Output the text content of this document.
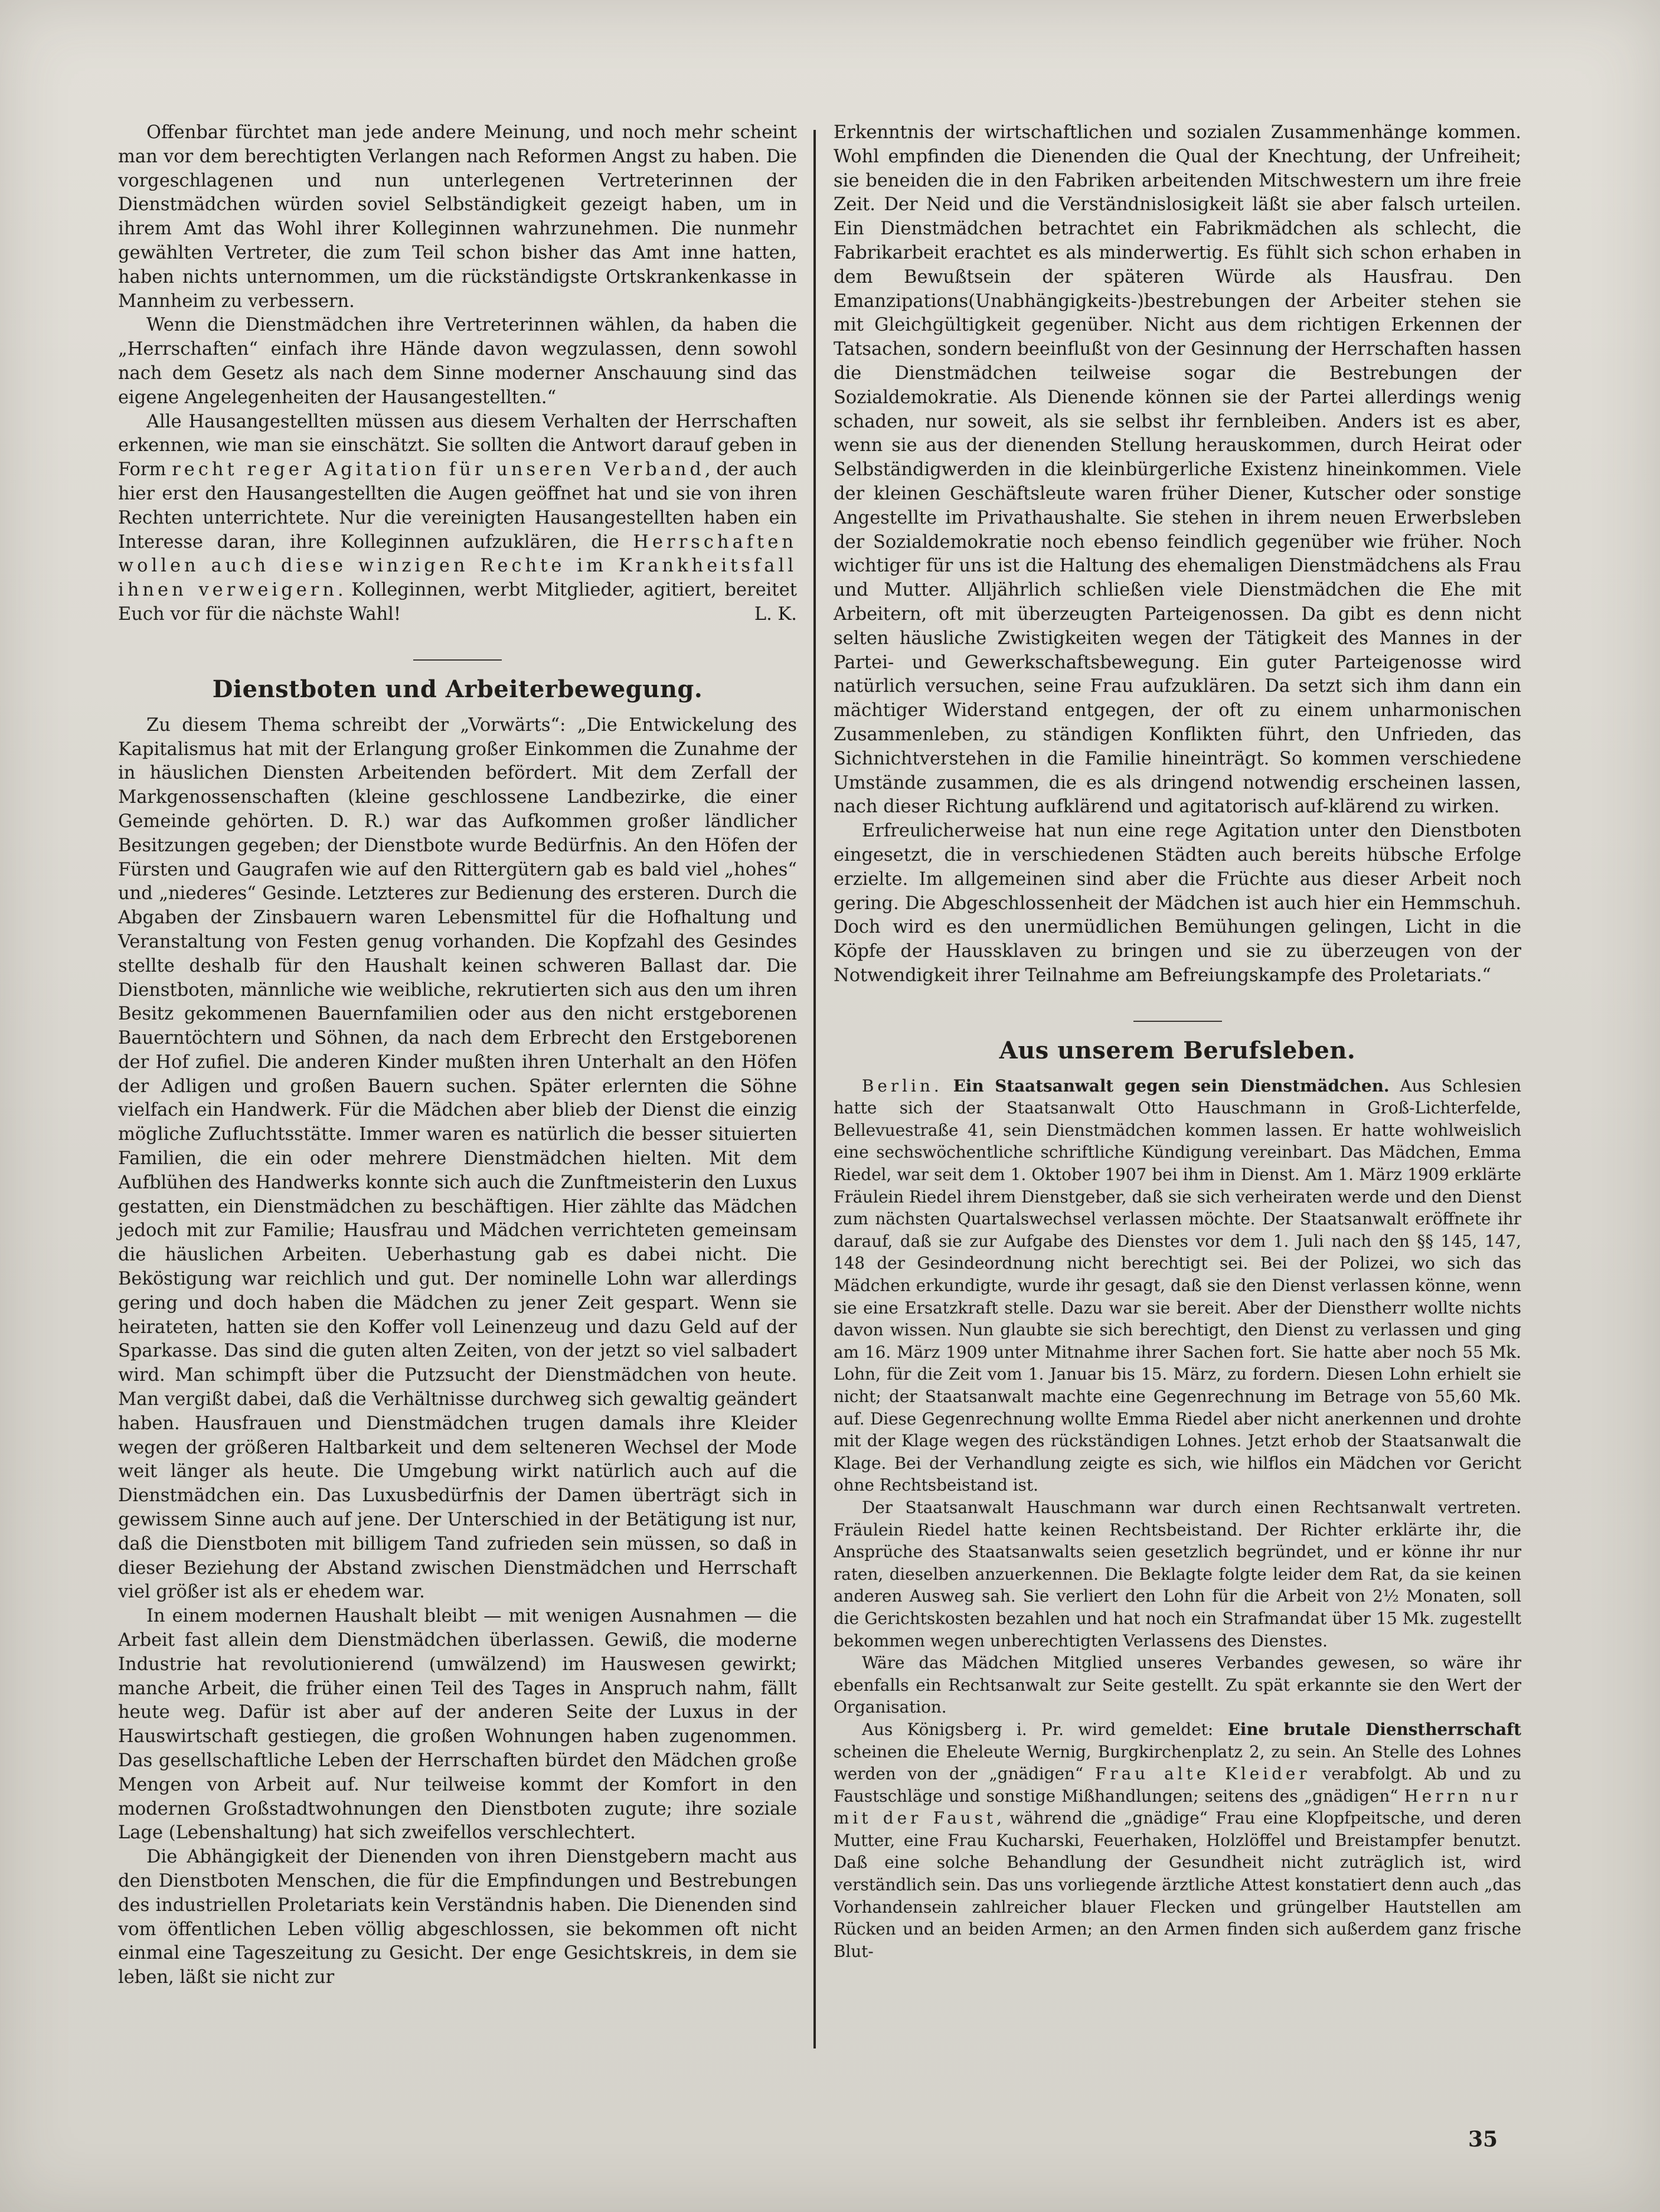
Offenbar fürchtet man jede andere Meinung, und noch mehr scheint man vor dem berechtigten Verlangen nach Reformen Angst zu haben. Die vorgeschlagenen und nun unterlegenen Vertreterinnen der Dienstmädchen würden soviel Selbständigkeit gezeigt haben, um in ihrem Amt das Wohl ihrer Kolleginnen wahrzunehmen. Die nunmehr gewählten Vertreter, die zum Teil schon bisher das Amt inne hatten, haben nichts unternommen, um die rückständigste Ortskrankenkasse in Mannheim zu verbessern.

Wenn die Dienstmädchen ihre Vertreterinnen wählen, da haben die „Herrschaften“ einfach ihre Hände davon wegzulassen, denn sowohl nach dem Gesetz als nach dem Sinne moderner Anschauung sind das eigene Angelegenheiten der Hausangestellten.“

Alle Hausangestellten müssen aus diesem Verhalten der Herrschaften erkennen, wie man sie einschätzt. Sie sollten die Antwort darauf geben in Form recht reger Agitation für unseren Verband, der auch hier erst den Hausangestellten die Augen geöffnet hat und sie von ihren Rechten unterrichtete. Nur die vereinigten Hausangestellten haben ein Interesse daran, ihre Kolleginnen aufzuklären, die Herrschaften wollen auch diese winzigen Rechte im Krankheitsfall ihnen verweigern. Kolleginnen, werbt Mitglieder, agitiert, bereitet Euch vor für die nächste Wahl!	L. K.

Dienstboten und Arbeiterbewegung.

Zu diesem Thema schreibt der „Vorwärts“: „Die Entwickelung des Kapitalismus hat mit der Erlangung großer Einkommen die Zunahme der in häuslichen Diensten Arbeitenden befördert. Mit dem Zerfall der Markgenossenschaften (kleine geschlossene Landbezirke, die einer Gemeinde gehörten. D. R.) war das Aufkommen großer ländlicher Besitzungen gegeben; der Dienstbote wurde Bedürfnis. An den Höfen der Fürsten und Gaugrafen wie auf den Rittergütern gab es bald viel „hohes“ und „niederes“ Gesinde. Letzteres zur Bedienung des ersteren. Durch die Abgaben der Zinsbauern waren Lebensmittel für die Hofhaltung und Veranstaltung von Festen genug vorhanden. Die Kopfzahl des Gesindes stellte deshalb für den Haushalt keinen schweren Ballast dar. Die Dienstboten, männliche wie weibliche, rekrutierten sich aus den um ihren Besitz gekommenen Bauernfamilien oder aus den nicht erstgeborenen Bauerntöchtern und Söhnen, da nach dem Erbrecht den Erstgeborenen der Hof zufiel. Die anderen Kinder mußten ihren Unterhalt an den Höfen der Adligen und großen Bauern suchen. Später erlernten die Söhne vielfach ein Handwerk. Für die Mädchen aber blieb der Dienst die einzig mögliche Zufluchtsstätte. Immer waren es natürlich die besser situierten Familien, die ein oder mehrere Dienstmädchen hielten. Mit dem Aufblühen des Handwerks konnte sich auch die Zunftmeisterin den Luxus gestatten, ein Dienstmädchen zu beschäftigen. Hier zählte das Mädchen jedoch mit zur Familie; Hausfrau und Mädchen verrichteten gemeinsam die häuslichen Arbeiten. Ueberhastung gab es dabei nicht. Die Beköstigung war reichlich und gut. Der nominelle Lohn war allerdings gering und doch haben die Mädchen zu jener Zeit gespart. Wenn sie heirateten, hatten sie den Koffer voll Leinenzeug und dazu Geld auf der Sparkasse. Das sind die guten alten Zeiten, von der jetzt so viel salbadert wird. Man schimpft über die Putzsucht der Dienstmädchen von heute. Man vergißt dabei, daß die Verhältnisse durchweg sich gewaltig geändert haben. Hausfrauen und Dienstmädchen trugen damals ihre Kleider wegen der größeren Haltbarkeit und dem selteneren Wechsel der Mode weit länger als heute. Die Umgebung wirkt natürlich auch auf die Dienstmädchen ein. Das Luxusbedürfnis der Damen überträgt sich in gewissem Sinne auch auf jene. Der Unterschied in der Betätigung ist nur, daß die Dienstboten mit billigem Tand zufrieden sein müssen, so daß in dieser Beziehung der Abstand zwischen Dienstmädchen und Herrschaft viel größer ist als er ehedem war.

In einem modernen Haushalt bleibt — mit wenigen Ausnahmen — die Arbeit fast allein dem Dienstmädchen überlassen. Gewiß, die moderne Industrie hat revolutionierend (umwälzend) im Hauswesen gewirkt; manche Arbeit, die früher einen Teil des Tages in Anspruch nahm, fällt heute weg. Dafür ist aber auf der anderen Seite der Luxus in der Hauswirtschaft gestiegen, die großen Wohnungen haben zugenommen. Das gesellschaftliche Leben der Herrschaften bürdet den Mädchen große Mengen von Arbeit auf. Nur teilweise kommt der Komfort in den modernen Großstadtwohnungen den Dienstboten zugute; ihre soziale Lage (Lebenshaltung) hat sich zweifellos verschlechtert.

Die Abhängigkeit der Dienenden von ihren Dienstgebern macht aus den Dienstboten Menschen, die für die Empfindungen und Bestrebungen des industriellen Proletariats kein Verständnis haben. Die Dienenden sind vom öffentlichen Leben völlig abgeschlossen, sie bekommen oft nicht einmal eine Tageszeitung zu Gesicht. Der enge Gesichtskreis, in dem sie leben, läßt sie nicht zur

Erkenntnis der wirtschaftlichen und sozialen Zusammenhänge kommen. Wohl empfinden die Dienenden die Qual der Knechtung, der Unfreiheit; sie beneiden die in den Fabriken arbeitenden Mitschwestern um ihre freie Zeit. Der Neid und die Verständnislosigkeit läßt sie aber falsch urteilen. Ein Dienstmädchen betrachtet ein Fabrikmädchen als schlecht, die Fabrikarbeit erachtet es als minderwertig. Es fühlt sich schon erhaben in dem Bewußtsein der späteren Würde als Hausfrau. Den Emanzipations(Unabhängigkeits-)bestrebungen der Arbeiter stehen sie mit Gleichgültigkeit gegenüber. Nicht aus dem richtigen Erkennen der Tatsachen, sondern beeinflußt von der Gesinnung der Herrschaften hassen die Dienstmädchen teilweise sogar die Bestrebungen der Sozialdemokratie. Als Dienende können sie der Partei allerdings wenig schaden, nur soweit, als sie selbst ihr fernbleiben. Anders ist es aber, wenn sie aus der dienenden Stellung herauskommen, durch Heirat oder Selbständigwerden in die kleinbürgerliche Existenz hineinkommen. Viele der kleinen Geschäftsleute waren früher Diener, Kutscher oder sonstige Angestellte im Privathaushalte. Sie stehen in ihrem neuen Erwerbsleben der Sozialdemokratie noch ebenso feindlich gegenüber wie früher. Noch wichtiger für uns ist die Haltung des ehemaligen Dienstmädchens als Frau und Mutter. Alljährlich schließen viele Dienstmädchen die Ehe mit Arbeitern, oft mit überzeugten Parteigenossen. Da gibt es denn nicht selten häusliche Zwistigkeiten wegen der Tätigkeit des Mannes in der Partei- und Gewerkschaftsbewegung. Ein guter Parteigenosse wird natürlich versuchen, seine Frau aufzuklären. Da setzt sich ihm dann ein mächtiger Widerstand entgegen, der oft zu einem unharmonischen Zusammenleben, zu ständigen Konflikten führt, den Unfrieden, das Sichnichtverstehen in die Familie hineinträgt. So kommen verschiedene Umstände zusammen, die es als dringend notwendig erscheinen lassen, nach dieser Richtung aufklärend und agitatorisch auf-klärend zu wirken.

Erfreulicherweise hat nun eine rege Agitation unter den Dienstboten eingesetzt, die in verschiedenen Städten auch bereits hübsche Erfolge erzielte. Im allgemeinen sind aber die Früchte aus dieser Arbeit noch gering. Die Abgeschlossenheit der Mädchen ist auch hier ein Hemmschuh. Doch wird es den unermüdlichen Bemühungen gelingen, Licht in die Köpfe der Haussklaven zu bringen und sie zu überzeugen von der Notwendigkeit ihrer Teilnahme am Befreiungskampfe des Proletariats.“

Aus unserem Berufsleben.

Berlin. Ein Staatsanwalt gegen sein Dienstmädchen. Aus Schlesien hatte sich der Staatsanwalt Otto Hauschmann in Groß-Lichterfelde, Bellevuestraße 41, sein Dienstmädchen kommen lassen. Er hatte wohlweislich eine sechswöchentliche schriftliche Kündigung vereinbart. Das Mädchen, Emma Riedel, war seit dem 1. Oktober 1907 bei ihm in Dienst. Am 1. März 1909 erklärte Fräulein Riedel ihrem Dienstgeber, daß sie sich verheiraten werde und den Dienst zum nächsten Quartalswechsel verlassen möchte. Der Staatsanwalt eröffnete ihr darauf, daß sie zur Aufgabe des Dienstes vor dem 1. Juli nach den §§ 145, 147, 148 der Gesindeordnung nicht berechtigt sei. Bei der Polizei, wo sich das Mädchen erkundigte, wurde ihr gesagt, daß sie den Dienst verlassen könne, wenn sie eine Ersatzkraft stelle. Dazu war sie bereit. Aber der Dienstherr wollte nichts davon wissen. Nun glaubte sie sich berechtigt, den Dienst zu verlassen und ging am 16. März 1909 unter Mitnahme ihrer Sachen fort. Sie hatte aber noch 55 Mk. Lohn, für die Zeit vom 1. Januar bis 15. März, zu fordern. Diesen Lohn erhielt sie nicht; der Staatsanwalt machte eine Gegenrechnung im Betrage von 55,60 Mk. auf. Diese Gegenrechnung wollte Emma Riedel aber nicht anerkennen und drohte mit der Klage wegen des rückständigen Lohnes. Jetzt erhob der Staatsanwalt die Klage. Bei der Verhandlung zeigte es sich, wie hilflos ein Mädchen vor Gericht ohne Rechtsbeistand ist.

Der Staatsanwalt Hauschmann war durch einen Rechtsanwalt vertreten. Fräulein Riedel hatte keinen Rechtsbeistand. Der Richter erklärte ihr, die Ansprüche des Staatsanwalts seien gesetzlich begründet, und er könne ihr nur raten, dieselben anzuerkennen. Die Beklagte folgte leider dem Rat, da sie keinen anderen Ausweg sah. Sie verliert den Lohn für die Arbeit von 2½ Monaten, soll die Gerichtskosten bezahlen und hat noch ein Strafmandat über 15 Mk. zugestellt bekommen wegen unberechtigten Verlassens des Dienstes.

Wäre das Mädchen Mitglied unseres Verbandes gewesen, so wäre ihr ebenfalls ein Rechtsanwalt zur Seite gestellt. Zu spät erkannte sie den Wert der Organisation.

Aus Königsberg i. Pr. wird gemeldet: Eine brutale Dienstherrschaft scheinen die Eheleute Wernig, Burgkirchenplatz 2, zu sein. An Stelle des Lohnes werden von der „gnädigen“ Frau alte Kleider verabfolgt. Ab und zu Faustschläge und sonstige Mißhandlungen; seitens des „gnädigen“ Herrn nur mit der Faust, während die „gnädige“ Frau eine Klopfpeitsche, und deren Mutter, eine Frau Kucharski, Feuerhaken, Holzlöffel und Breistampfer benutzt. Daß eine solche Behandlung der Gesundheit nicht zuträglich ist, wird verständlich sein. Das uns vorliegende ärztliche Attest konstatiert denn auch „das Vorhandensein zahlreicher blauer Flecken und grüngelber Hautstellen am Rücken und an beiden Armen; an den Armen finden sich außerdem ganz frische Blut-

35
